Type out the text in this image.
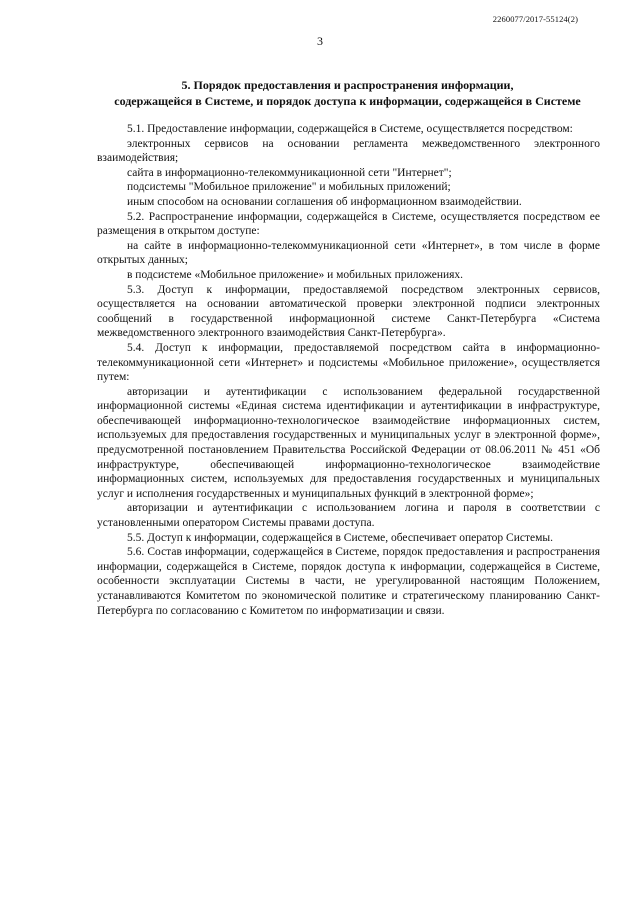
2260077/2017-55124(2)
3
5. Порядок предоставления и распространения информации,
содержащейся в Системе, и порядок доступа к информации, содержащейся в Системе

5.1. Предоставление информации, содержащейся в Системе, осуществляется посредством:

электронных сервисов на основании регламента межведомственного электронного взаимодействия;

сайта в информационно-телекоммуникационной сети "Интернет";

подсистемы "Мобильное приложение" и мобильных приложений;

иным способом на основании соглашения об информационном взаимодействии.

5.2. Распространение информации, содержащейся в Системе, осуществляется посредством ее размещения в открытом доступе:

на сайте в информационно-телекоммуникационной сети «Интернет», в том числе в форме открытых данных;

в подсистеме «Мобильное приложение» и мобильных приложениях.

5.3. Доступ к информации, предоставляемой посредством электронных сервисов, осуществляется на основании автоматической проверки электронной подписи электронных сообщений в государственной информационной системе Санкт-Петербурга «Система межведомственного электронного взаимодействия Санкт-Петербурга».

5.4. Доступ к информации, предоставляемой посредством сайта в информационно-телекоммуникационной сети «Интернет» и подсистемы «Мобильное приложение», осуществляется путем:

авторизации и аутентификации с использованием федеральной государственной информационной системы «Единая система идентификации и аутентификации в инфраструктуре, обеспечивающей информационно-технологическое взаимодействие информационных систем, используемых для предоставления государственных и муниципальных услуг в электронной форме», предусмотренной постановлением Правительства Российской Федерации от 08.06.2011 № 451 «Об инфраструктуре, обеспечивающей информационно-технологическое взаимодействие информационных систем, используемых для предоставления государственных и муниципальных услуг и исполнения государственных и муниципальных функций в электронной форме»;

авторизации и аутентификации с использованием логина и пароля в соответствии с установленными оператором Системы правами доступа.

5.5. Доступ к информации, содержащейся в Системе, обеспечивает оператор Системы.

5.6. Состав информации, содержащейся в Системе, порядок предоставления и распространения информации, содержащейся в Системе, порядок доступа к информации, содержащейся в Системе, особенности эксплуатации Системы в части, не урегулированной настоящим Положением, устанавливаются Комитетом по экономической политике и стратегическому планированию Санкт-Петербурга по согласованию с Комитетом по информатизации и связи.
